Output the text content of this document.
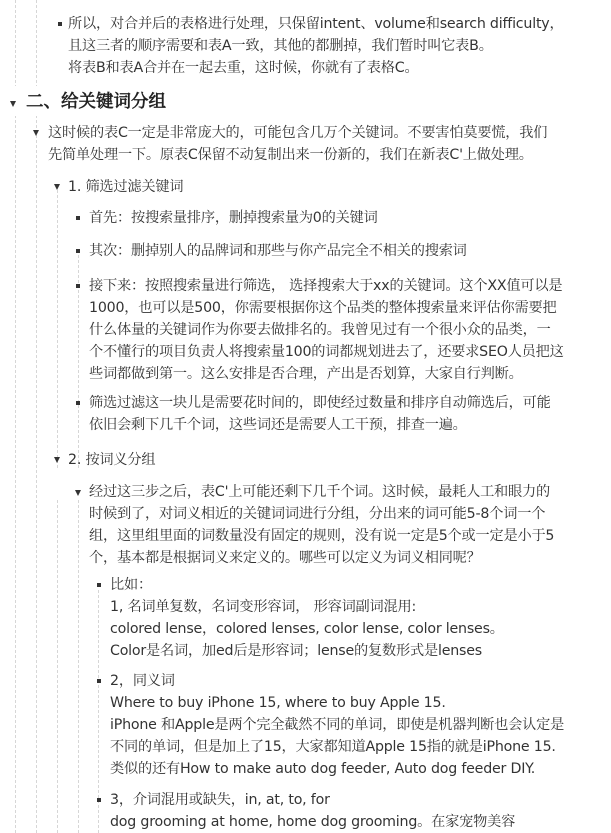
所以，对合并后的表格进行处理，只保留intent、volume和search difficulty，
且这三者的顺序需要和表A一致，其他的都删掉，我们暂时叫它表B。
将表B和表A合并在一起去重，这时候，你就有了表格C。
二、给关键词分组
这时候的表C一定是非常庞大的，可能包含几万个关键词。不要害怕莫要慌，我们
先简单处理一下。原表C保留不动复制出来一份新的，我们在新表C'上做处理。
1. 筛选过滤关键词
首先：按搜索量排序，删掉搜索量为0的关键词
其次：删掉别人的品牌词和那些与你产品完全不相关的搜索词
接下来：按照搜索量进行筛选， 选择搜索大于xx的关键词。这个XX值可以是
1000，也可以是500，你需要根据你这个品类的整体搜索量来评估你需要把
什么体量的关键词作为你要去做排名的。我曾见过有一个很小众的品类，一
个不懂行的项目负责人将搜索量100的词都规划进去了，还要求SEO人员把这
些词都做到第一。这么安排是否合理，产出是否划算，大家自行判断。
筛选过滤这一块儿是需要花时间的，即使经过数量和排序自动筛选后，可能
依旧会剩下几千个词，这些词还是需要人工干预，排查一遍。
2. 按词义分组
经过这三步之后，表C'上可能还剩下几千个词。这时候，最耗人工和眼力的
时候到了，对词义相近的关键词词进行分组，分出来的词可能5-8个词一个
组，这里组里面的词数量没有固定的规则，没有说一定是5个或一定是小于5
个，基本都是根据词义来定义的。哪些可以定义为词义相同呢？
比如：
1, 名词单复数，名词变形容词， 形容词副词混用:
colored lense，colored lenses, color lense, color lenses。
Color是名词，加ed后是形容词；lense的复数形式是lenses
2，同义词
Where to buy iPhone 15, where to buy Apple 15.
iPhone 和Apple是两个完全截然不同的单词，即使是机器判断也会认定是
不同的单词，但是加上了15，大家都知道Apple 15指的就是iPhone 15.
类似的还有How to make auto dog feeder, Auto dog feeder DIY.
3，介词混用或缺失，in, at, to, for
dog grooming at home, home dog grooming。在家宠物美容
